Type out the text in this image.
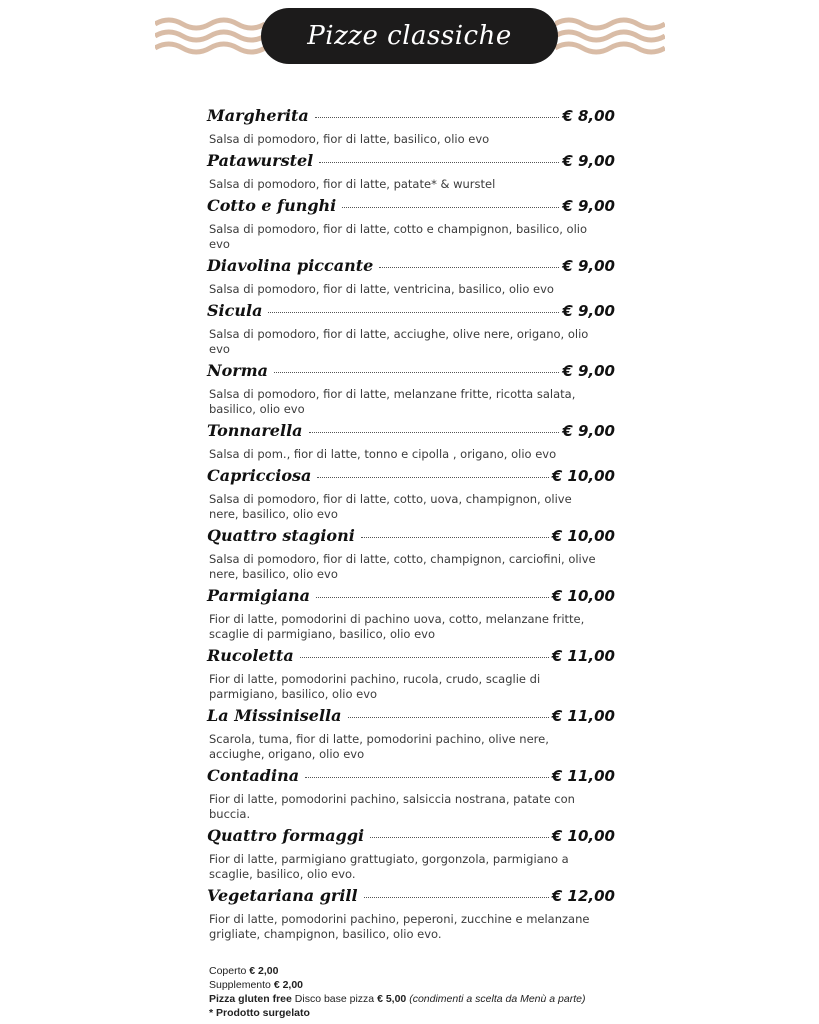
Pizze classiche
Margherita	€ 8,00
Salsa di pomodoro, fior di latte, basilico, olio evo
Patawurstel	€ 9,00
Salsa di pomodoro, fior di latte, patate* & wurstel
Cotto e funghi	€ 9,00
Salsa di pomodoro, fior di latte, cotto e champignon, basilico, olio evo
Diavolina piccante	€ 9,00
Salsa di pomodoro, fior di latte, ventricina, basilico, olio evo
Sicula	€ 9,00
Salsa di pomodoro, fior di latte, acciughe, olive nere, origano, olio evo
Norma	€ 9,00
Salsa di pomodoro, fior di latte, melanzane fritte, ricotta salata, basilico, olio evo
Tonnarella	€ 9,00
Salsa di pom., fior di latte, tonno e cipolla , origano, olio evo
Capricciosa	€ 10,00
Salsa di pomodoro, fior di latte, cotto, uova, champignon, olive nere, basilico, olio evo
Quattro stagioni	€ 10,00
Salsa di pomodoro, fior di latte, cotto, champignon, carciofini, olive nere, basilico, olio evo
Parmigiana	€ 10,00
Fior di latte, pomodorini di pachino uova, cotto, melanzane fritte, scaglie di parmigiano, basilico, olio evo
Rucoletta	€ 11,00
Fior di latte, pomodorini pachino, rucola, crudo, scaglie di parmigiano, basilico, olio evo
La Missinisella	€ 11,00
Scarola, tuma, fior di latte, pomodorini pachino, olive nere, acciughe, origano, olio evo
Contadina	€ 11,00
Fior di latte, pomodorini pachino, salsiccia nostrana, patate con buccia.
Quattro formaggi	€ 10,00
Fior di latte, parmigiano grattugiato, gorgonzola, parmigiano a scaglie, basilico, olio evo.
Vegetariana grill	€ 12,00
Fior di latte, pomodorini pachino, peperoni, zucchine e melanzane grigliate, champignon, basilico, olio evo.
Coperto € 2,00
Supplemento € 2,00
Pizza gluten free Disco base pizza € 5,00 (condimenti a scelta da Menù a parte)
* Prodotto surgelato
